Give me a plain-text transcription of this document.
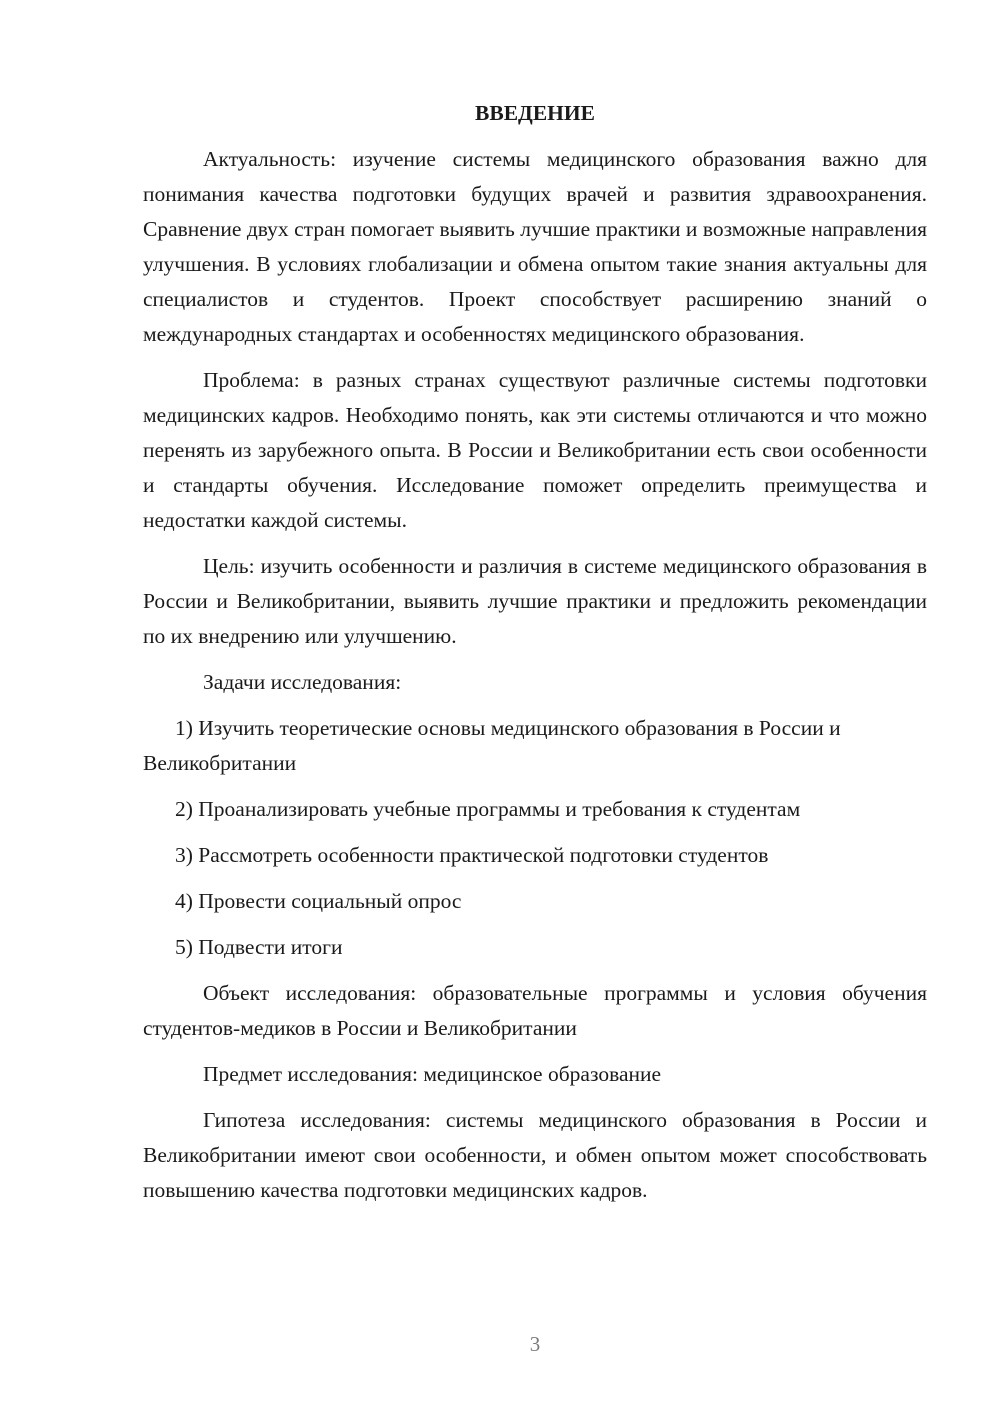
ВВЕДЕНИЕ

Актуальность: изучение системы медицинского образования важно для понимания качества подготовки будущих врачей и развития здравоохранения. Сравнение двух стран помогает выявить лучшие практики и возможные направления улучшения. В условиях глобализации и обмена опытом такие знания актуальны для специалистов и студентов. Проект способствует расширению знаний о международных стандартах и особенностях медицинского образования.

Проблема: в разных странах существуют различные системы подготовки медицинских кадров. Необходимо понять, как эти системы отличаются и что можно перенять из зарубежного опыта. В России и Великобритании есть свои особенности и стандарты обучения. Исследование поможет определить преимущества и недостатки каждой системы.

Цель: изучить особенности и различия в системе медицинского образования в России и Великобритании, выявить лучшие практики и предложить рекомендации по их внедрению или улучшению.

Задачи исследования:

1) Изучить теоретические основы медицинского образования в России и Великобритании

2) Проанализировать учебные программы и требования к студентам

3) Рассмотреть особенности практической подготовки студентов

4) Провести социальный опрос

5) Подвести итоги

Объект исследования: образовательные программы и условия обучения студентов-медиков в России и Великобритании

Предмет исследования: медицинское образование

Гипотеза исследования: системы медицинского образования в России и Великобритании имеют свои особенности, и обмен опытом может способствовать повышению качества подготовки медицинских кадров.

3
